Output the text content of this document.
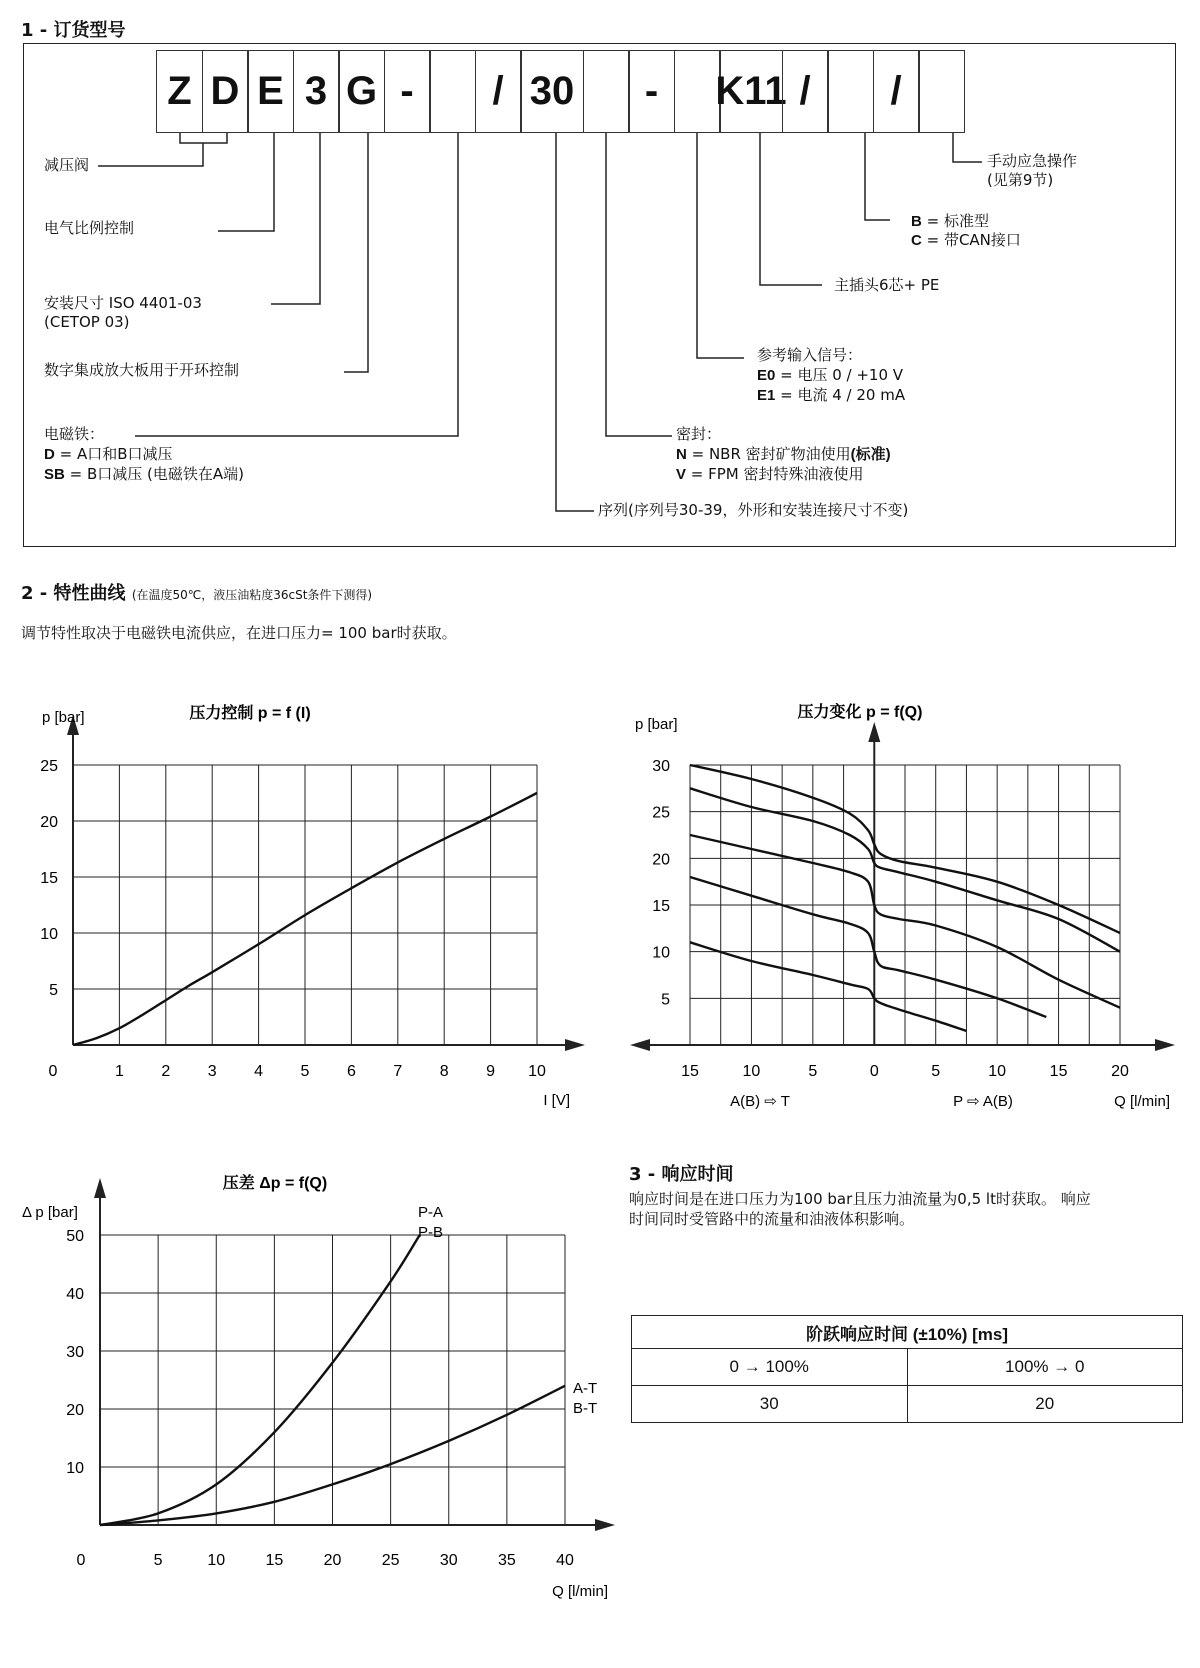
1 - 订货型号
Z D E 3 G -	/ 30	-	K11 /	/
减压阀
电气比例控制
安装尺寸 ISO 4401-03
(CETOP 03)
数字集成放大板用于开环控制
电磁铁：
D = A口和B口减压
SB = B口减压 (电磁铁在A端)
序列(序列号30-39，外形和安装连接尺寸不变)
密封：
N = NBR 密封矿物油使用(标准)
V = FPM 密封特殊油液使用
参考输入信号：
E0 = 电压 0 / +10 V
E1 = 电流 4 / 20 mA
主插头6芯+ PE
B = 标准型
C = 带CAN接口
手动应急操作
(见第9节)
2 - 特性曲线 (在温度50℃，液压油粘度36cSt条件下测得)
调节特性取决于电磁铁电流供应，在进口压力= 100 bar时获取。
0	1 2 3 4 5 6 7 8 9 10
5
10
15
20
25
p [bar]
I [V]
压力控制 p = f (I)
15	10	5	0	5	10	15	20
5
10
15
20
25
30
p [bar]
Q [l/min]
A(B) ⇨ T	P ⇨ A(B)
压力变化 p = f(Q)
0	5	10	15	20	25	30	35	40
10
20
30
40
50
Δ p [bar]
Q [l/min]
压差 Δp = f(Q)
P-A
P-B
A-T
B-T
3 - 响应时间
响应时间是在进口压力为100 bar且压力油流量为0,5 lt时获取。 响应
时间同时受管路中的流量和油液体积影响。
阶跃响应时间 (±10%) [ms]	
0 → 100%	100% → 0
30	20
